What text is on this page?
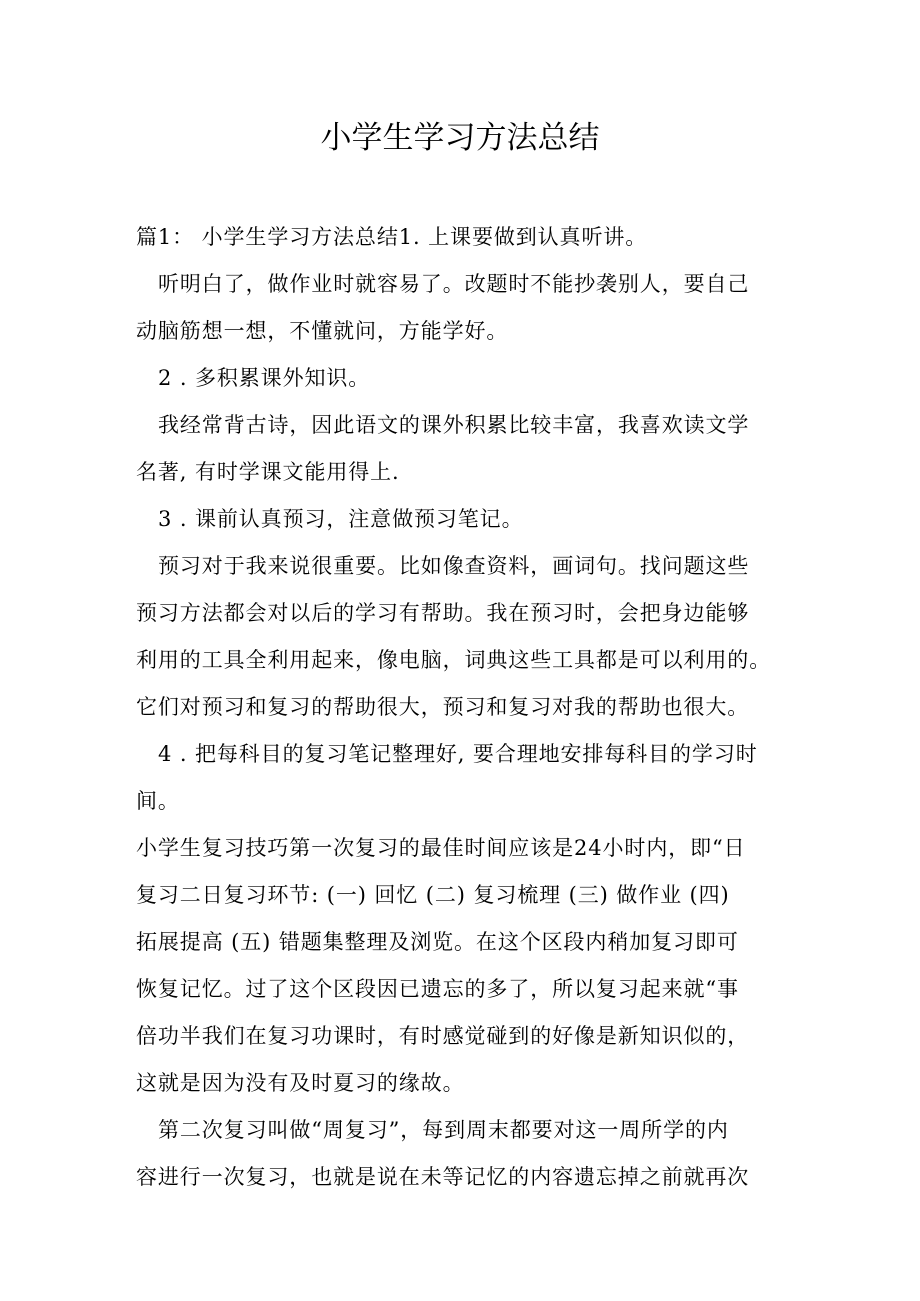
小学生学习方法总结
篇1： 小学生学习方法总结1. 上课要做到认真听讲。
听明白了，做作业时就容易了。改题时不能抄袭别人，要自己
动脑筋想一想，不懂就问，方能学好。
2 . 多积累课外知识。
我经常背古诗，因此语文的课外积累比较丰富，我喜欢读文学
名著, 有时学课文能用得上.
3 . 课前认真预习，注意做预习笔记。
预习对于我来说很重要。比如像查资料，画词句。找问题这些
预习方法都会对以后的学习有帮助。我在预习时，会把身边能够
利用的工具全利用起来，像电脑，词典这些工具都是可以利用的。
它们对预习和复习的帮助很大，预习和复习对我的帮助也很大。
4 . 把每科目的复习笔记整理好, 要合理地安排每科目的学习时
间。
小学生复习技巧第一次复习的最佳时间应该是24小时内，即“日
复习二日复习环节: (一) 回忆 (二) 复习梳理 (三) 做作业 (四)
拓展提高 (五) 错题集整理及浏览。在这个区段内稍加复习即可
恢复记忆。过了这个区段因已遗忘的多了，所以复习起来就“事
倍功半我们在复习功课时，有时感觉碰到的好像是新知识似的，
这就是因为没有及时夏习的缘故。
第二次复习叫做“周复习”，每到周末都要对这一周所学的内
容进行一次复习，也就是说在未等记忆的内容遗忘掉之前就再次
